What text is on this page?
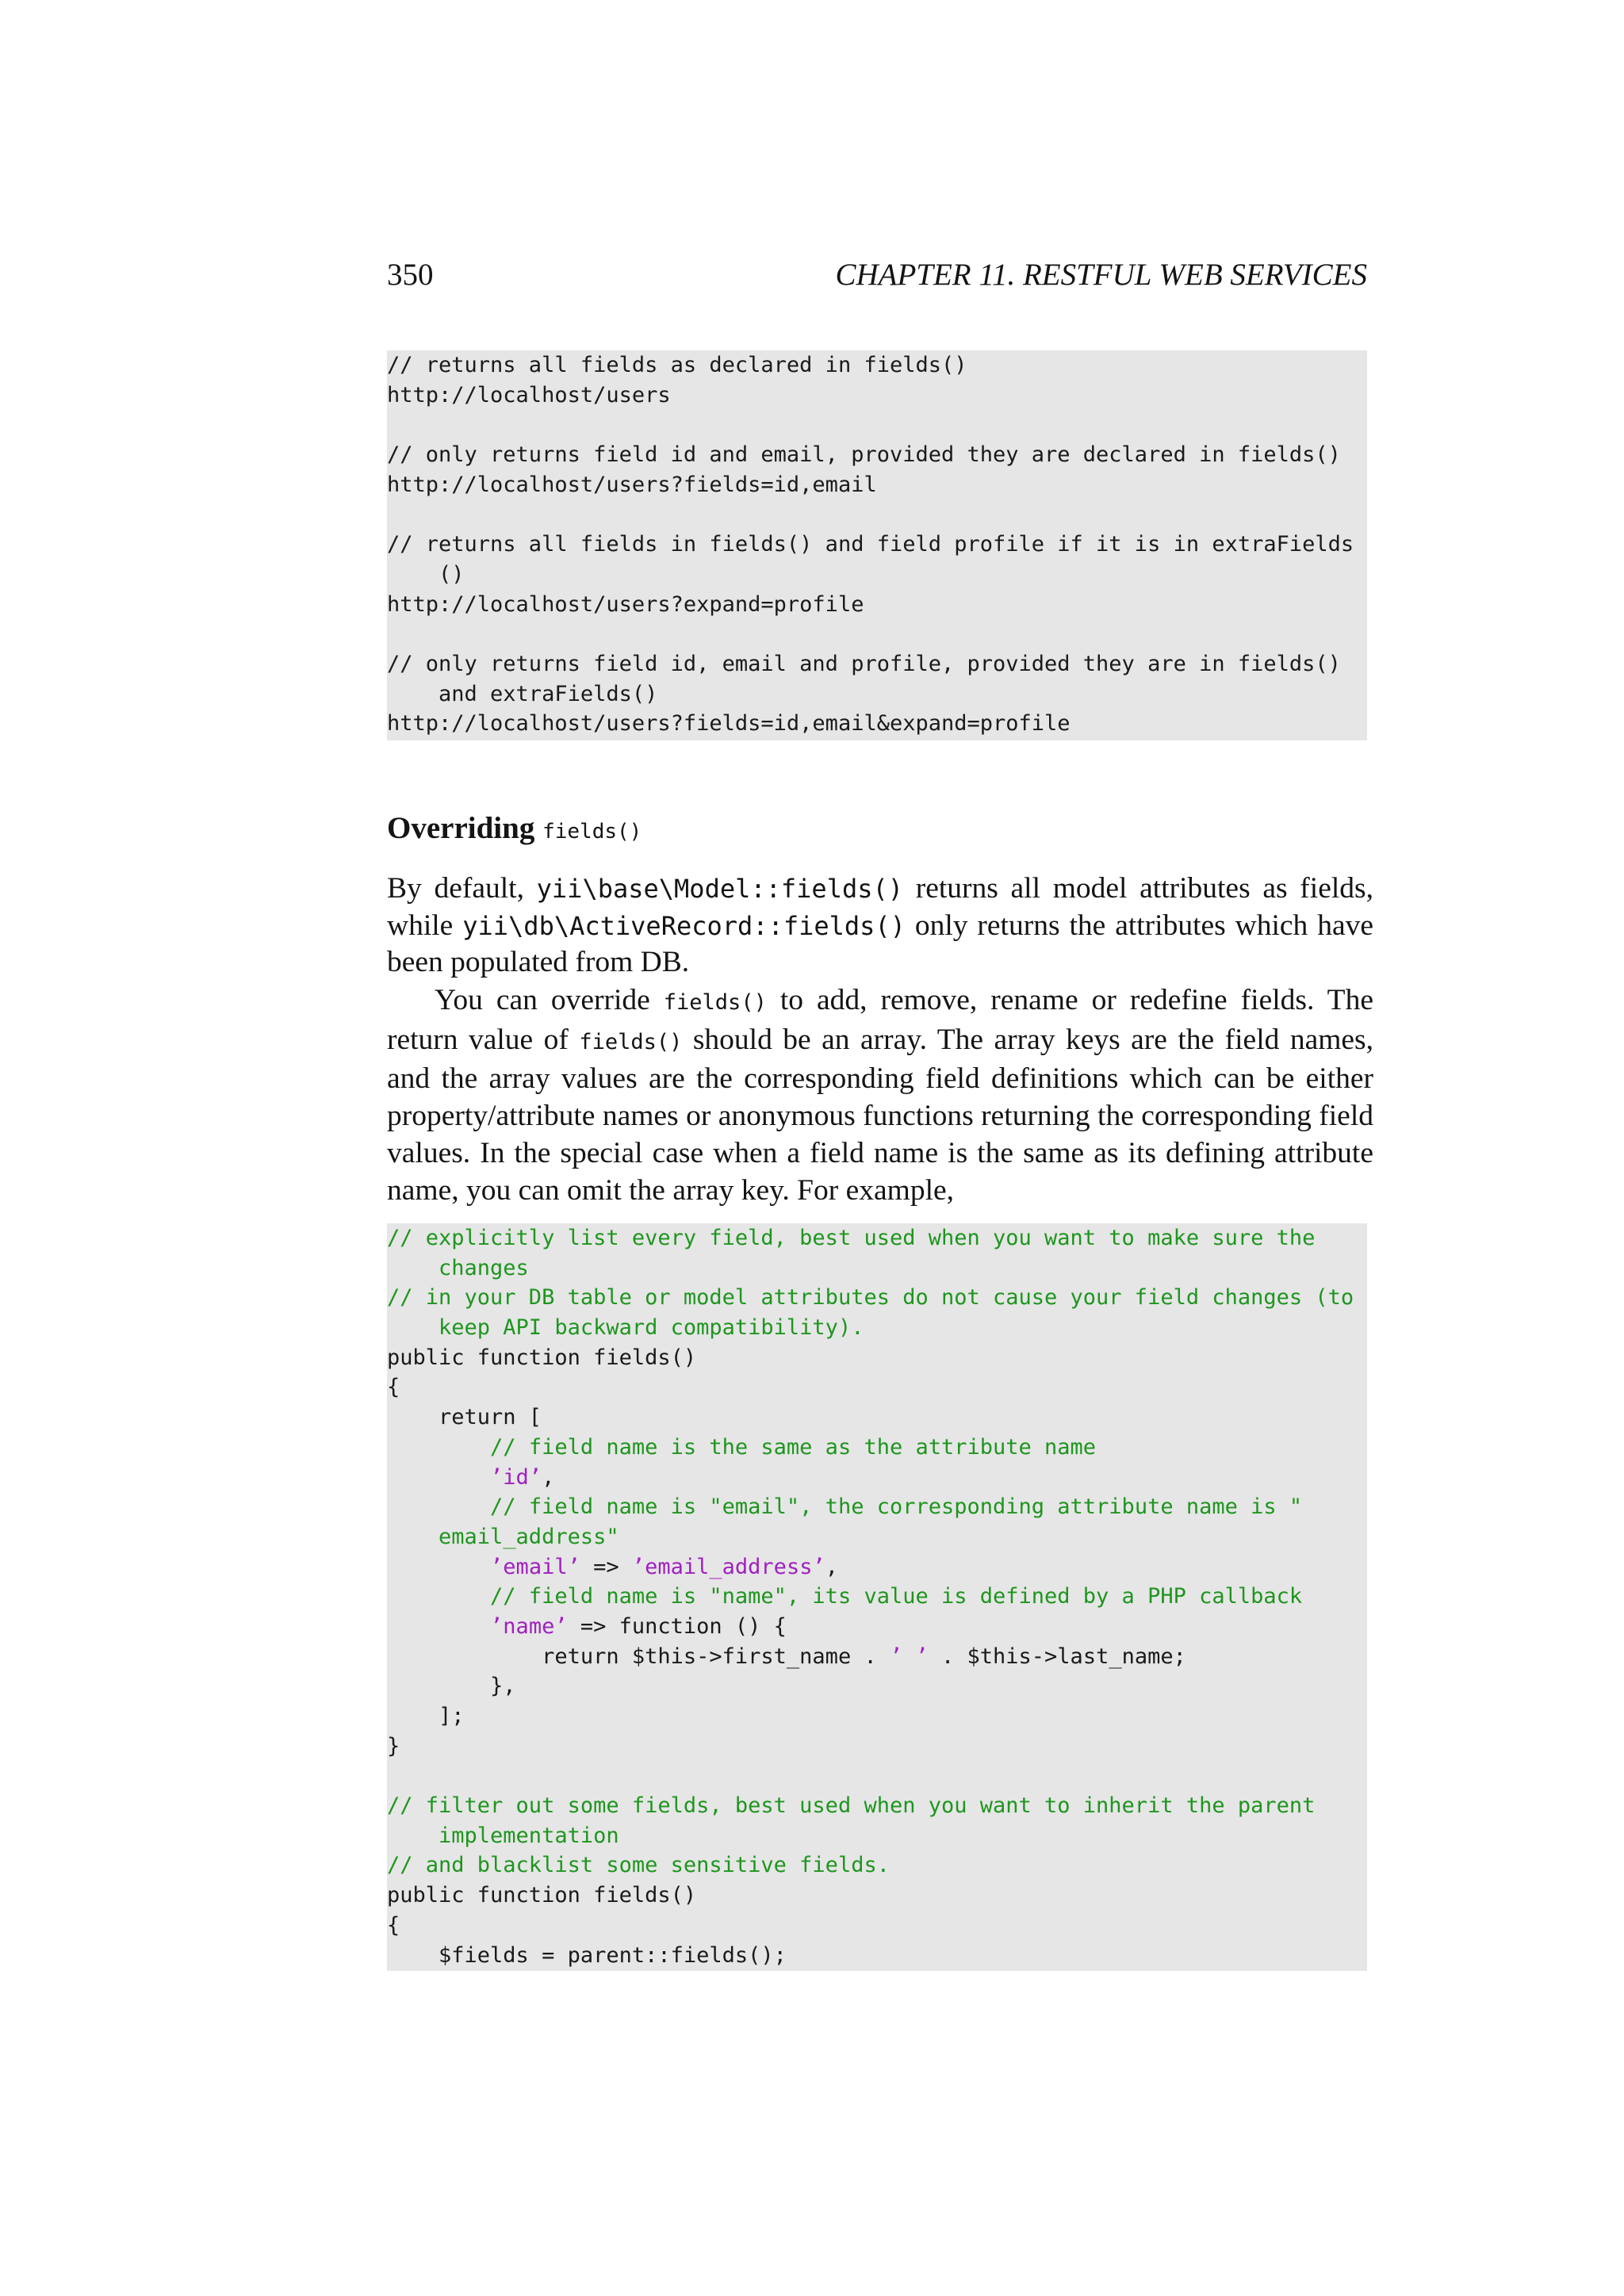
350	CHAPTER 11. RESTFUL WEB SERVICES
// returns all fields as declared in fields()
http://localhost/users
// only returns field id and email, provided they are declared in fields()
http://localhost/users?fields=id,email
// returns all fields in fields() and field profile if it is in extraFields
()
http://localhost/users?expand=profile
// only returns field id, email and profile, provided they are in fields()
and extraFields()
http://localhost/users?fields=id,email&expand=profile
Overriding fields()

By default, yii\base\Model::fields() returns all model attributes as fields, while yii\db\ActiveRecord::fields() only returns the attributes which have been populated from DB.

You can override fields() to add, remove, rename or redefine fields. The return value of fields() should be an array. The array keys are the field names, and the array values are the corresponding field definitions which can be either property/attribute names or anonymous functions returning the corresponding field values. In the special case when a field name is the same as its defining attribute name, you can omit the array key. For example,

// explicitly list every field, best used when you want to make sure the
changes
// in your DB table or model attributes do not cause your field changes (to
keep API backward compatibility).
public function fields()
{
return [
// field name is the same as the attribute name
’id’,
// field name is "email", the corresponding attribute name is "
email_address"
’email’ => ’email_address’,
// field name is "name", its value is defined by a PHP callback
’name’ => function () {
return $this->first_name . ’ ’ . $this->last_name;
},
];
}
// filter out some fields, best used when you want to inherit the parent
implementation
// and blacklist some sensitive fields.
public function fields()
{
$fields = parent::fields();
